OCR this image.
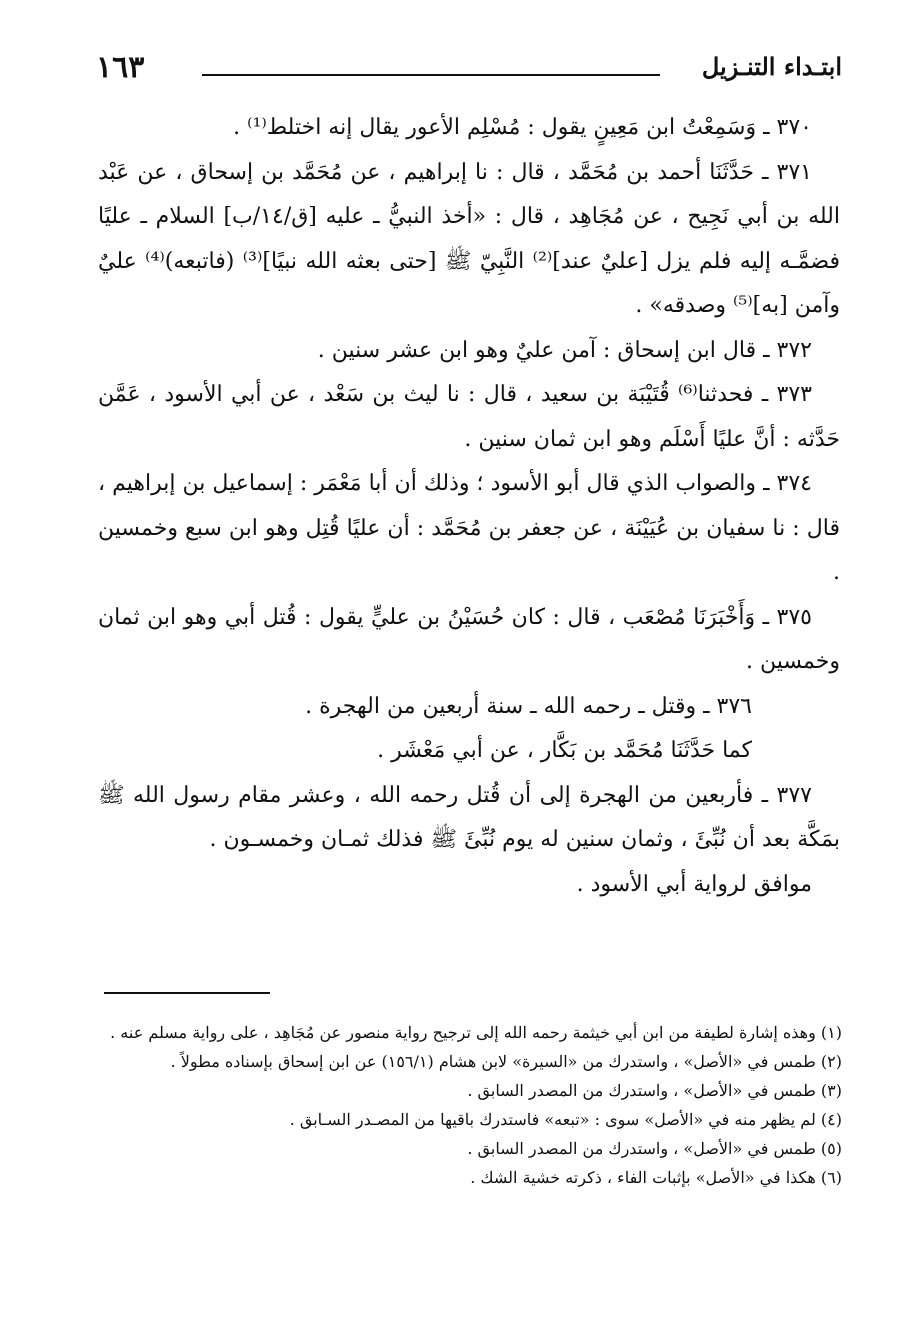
ابتـداء التنـزيل
١٦٣

٣٧٠ ـ وَسَمِعْتُ ابن مَعِينٍ يقول : مُسْلِم الأعور يقال إنه اختلط⁽¹⁾ .

٣٧١ ـ حَدَّثَنَا أحمد بن مُحَمَّد ، قال : نا إبراهيم ، عن مُحَمَّد بن إسحاق ، عن عَبْد الله بن أبي نَجِيح ، عن مُجَاهِد ، قال : «أخذ النبيُّ ـ عليه [ق/١٤/ب] السلام ـ عليًا فضمَّـه إليه فلم يزل [عليٌ عند]⁽²⁾ النَّبِيّ ﷺ [حتى بعثه الله نبيًا]⁽³⁾ (فاتبعه)⁽⁴⁾ عليٌ وآمن [به]⁽⁵⁾ وصدقه» .

٣٧٢ ـ قال ابن إسحاق : آمن عليٌ وهو ابن عشر سنين .

٣٧٣ ـ فحدثنا⁽⁶⁾ قُتَيْبَة بن سعيد ، قال : نا ليث بن سَعْد ، عن أبي الأسود ، عَمَّن حَدَّثه : أنَّ عليًا أَسْلَم وهو ابن ثمان سنين .

٣٧٤ ـ والصواب الذي قال أبو الأسود ؛ وذلك أن أبا مَعْمَر : إسماعيل بن إبراهيم ، قال : نا سفيان بن عُيَيْنَة ، عن جعفر بن مُحَمَّد : أن عليًا قُتِل وهو ابن سبع وخمسين .

٣٧٥ ـ وَأَخْبَرَنَا مُصْعَب ، قال : كان حُسَيْنُ بن عليٍّ يقول : قُتل أبي وهو ابن ثمان وخمسين .

٣٧٦ ـ وقتل ـ رحمه الله ـ سنة أربعين من الهجرة .

كما حَدَّثَنَا مُحَمَّد بن بَكَّار ، عن أبي مَعْشَر .

٣٧٧ ـ فأربعين من الهجرة إلى أن قُتل رحمه الله ، وعشر مقام رسول الله ﷺ بمَكَّة بعد أن نُبِّئَ ، وثمان سنين له يوم نُبِّئَ ﷺ فذلك ثمـان وخمسـون .

موافق لرواية أبي الأسود .

(١) وهذه إشارة لطيفة من ابن أبي خيثمة رحمه الله إلى ترجيح رواية منصور عن مُجَاهِد ، على رواية مسلم عنه .

(٢) طمس في «الأصل» ، واستدرك من «السيرة» لابن هشام (١٥٦/١) عن ابن إسحاق بإسناده مطولاً .

(٣) طمس في «الأصل» ، واستدرك من المصدر السابق .

(٤) لم يظهر منه في «الأصل» سوى : «تبعه» فاستدرك باقيها من المصـدر السـابق .

(٥) طمس في «الأصل» ، واستدرك من المصدر السابق .

(٦) هكذا في «الأصل» بإثبات الفاء ، ذكرته خشية الشك .
